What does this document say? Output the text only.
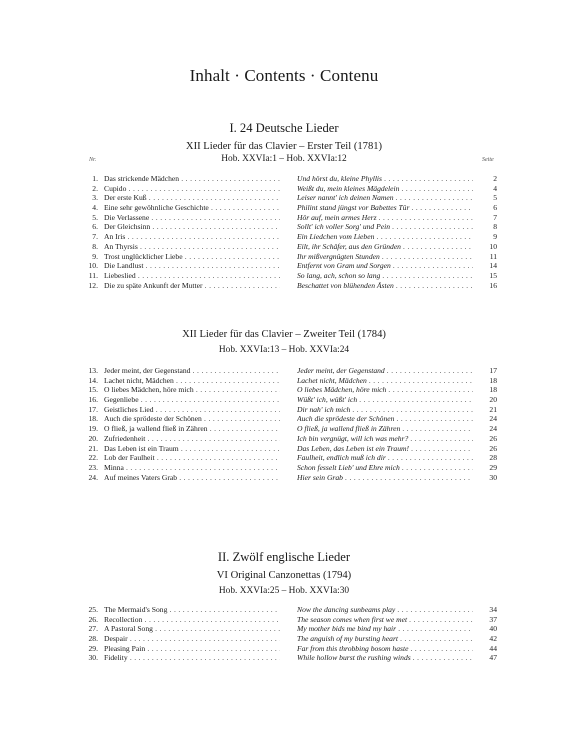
Inhalt · Contents · Contenu
I. 24 Deutsche Lieder
XII Lieder für das Clavier – Erster Teil (1781)
Hob. XXVIa:1 – Hob. XXVIa:12
Nr.	Seite
1. Das strickende Mädchen . . .	Und hörst du, kleine Phyllis . . .	2
2. Cupido . . .	Weißt du, mein kleines Mägdelein . . .	4
3. Der erste Kuß . . .	Leiser nannt' ich deinen Namen . . .	5
4. Eine sehr gewöhnliche Geschichte . . .	Philint stand jüngst vor Babettes Tür . . .	6
5. Die Verlassene . . .	Hör auf, mein armes Herz . . .	7
6. Der Gleichsinn . . .	Sollt' ich voller Sorg' und Pein . . .	8
7. An Iris . . .	Ein Liedchen vom Lieben . . .	9
8. An Thyrsis . . .	Eilt, ihr Schäfer, aus den Gründen . . .	10
9. Trost unglücklicher Liebe . . .	Ihr mißvergnügten Stunden . . .	11
10. Die Landlust . . .	Entfernt von Gram und Sorgen . . .	14
11. Liebeslied . . .	So lang, ach, schon so lang . . .	15
12. Die zu späte Ankunft der Mutter . . .	Beschattet von blühenden Ästen . . .	16
XII Lieder für das Clavier – Zweiter Teil (1784)
Hob. XXVIa:13 – Hob. XXVIa:24
13. Jeder meint, der Gegenstand . . .	Jeder meint, der Gegenstand . . .	17
14. Lachet nicht, Mädchen . . .	Lachet nicht, Mädchen . . .	18
15. O liebes Mädchen, höre mich . . .	O liebes Mädchen, höre mich . . .	18
16. Gegenliebe . . .	Wüßt' ich, wüßt' ich . . .	20
17. Geistliches Lied . . .	Dir nah' ich mich . . .	21
18. Auch die sprödeste der Schönen . . .	Auch die sprödeste der Schönen . . .	24
19. O fließ, ja wallend fließ in Zähren . . .	O fließ, ja wallend fließ in Zähren . . .	24
20. Zufriedenheit . . .	Ich bin vergnügt, will ich was mehr? . . .	26
21. Das Leben ist ein Traum . . .	Das Leben, das Leben ist ein Traum! . . .	26
22. Lob der Faulheit . . .	Faulheit, endlich muß ich dir . . .	28
23. Minna . . .	Schon fesselt Lieb' und Ehre mich . . .	29
24. Auf meines Vaters Grab . . .	Hier sein Grab . . .	30
II. Zwölf englische Lieder
VI Original Canzonettas (1794)
Hob. XXVIa:25 – Hob. XXVIa:30
25. The Mermaid's Song . . .	Now the dancing sunbeams play . . .	34
26. Recollection . . .	The season comes when first we met . . .	37
27. A Pastoral Song . . .	My mother bids me bind my hair . . .	40
28. Despair . . .	The anguish of my bursting heart . . .	42
29. Pleasing Pain . . .	Far from this throbbing bosom haste . . .	44
30. Fidelity . . .	While hollow burst the rushing winds . . .	47
